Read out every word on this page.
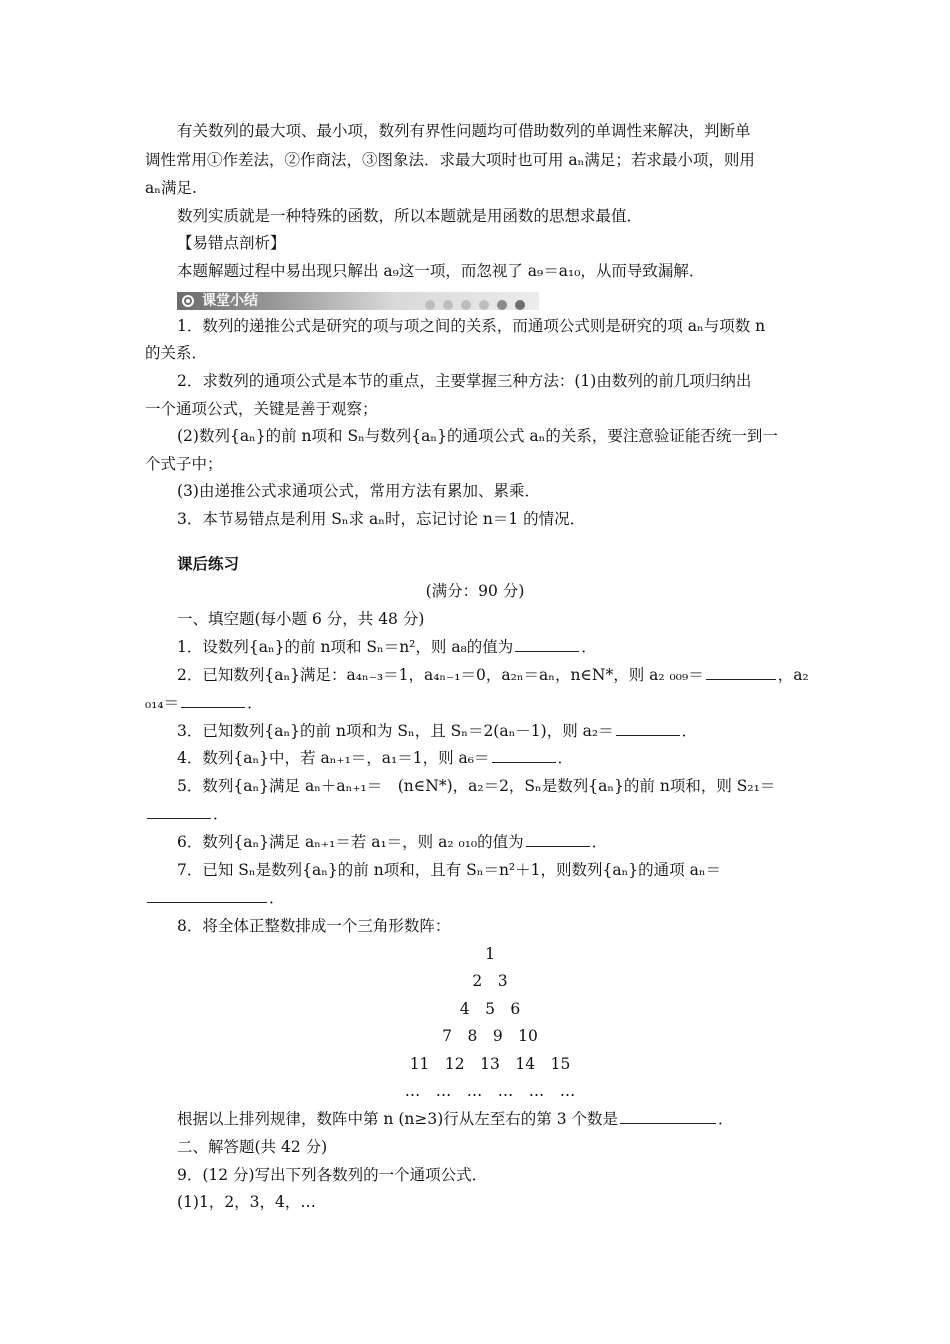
有关数列的最大项、最小项，数列有界性问题均可借助数列的单调性来解决，判断单
调性常用①作差法，②作商法，③图象法．求最大项时也可用 aₙ满足；若求最小项，则用
aₙ满足.
数列实质就是一种特殊的函数，所以本题就是用函数的思想求最值．
【易错点剖析】
本题解题过程中易出现只解出 a₉这一项，而忽视了 a₉＝a₁₀，从而导致漏解．
课堂小结
1．数列的递推公式是研究的项与项之间的关系，而通项公式则是研究的项 aₙ与项数 n
的关系．
2．求数列的通项公式是本节的重点，主要掌握三种方法：(1)由数列的前几项归纳出
一个通项公式，关键是善于观察；
(2)数列{aₙ}的前 n项和 Sₙ与数列{aₙ}的通项公式 aₙ的关系，要注意验证能否统一到一
个式子中；
(3)由递推公式求通项公式，常用方法有累加、累乘．
3．本节易错点是利用 Sₙ求 aₙ时，忘记讨论 n＝1 的情况．
课后练习
(满分：90 分)
一、填空题(每小题 6 分，共 48 分)
1．设数列{aₙ}的前 n项和 Sₙ＝n²，则 a₈的值为	．
2．已知数列{aₙ}满足：a₄ₙ₋₃＝1，a₄ₙ₋₁＝0，a₂ₙ＝aₙ，n∈N*，则 a₂ ₀₀₉＝	，a₂
₀₁₄＝	．
3．已知数列{aₙ}的前 n项和为 Sₙ，且 Sₙ＝2(aₙ－1)，则 a₂＝	．
4．数列{aₙ}中，若 aₙ₊₁＝，a₁＝1，则 a₆＝	．
5．数列{aₙ}满足 aₙ＋aₙ₊₁＝　(n∈N*)，a₂＝2，Sₙ是数列{aₙ}的前 n项和，则 S₂₁＝
．
6．数列{aₙ}满足 aₙ₊₁＝若 a₁＝，则 a₂ ₀₁₀的值为	．
7．已知 Sₙ是数列{aₙ}的前 n项和，且有 Sₙ＝n²＋1，则数列{aₙ}的通项 aₙ＝
．
8．将全体正整数排成一个三角形数阵：
1
2　3
4　5　6
7　8　9　10
11　12　13　14　15
…　…　…　…　…　…
根据以上排列规律，数阵中第 n (n≥3)行从左至右的第 3 个数是	．
二、解答题(共 42 分)
9．(12 分)写出下列各数列的一个通项公式．
(1)1，2，3，4，…
